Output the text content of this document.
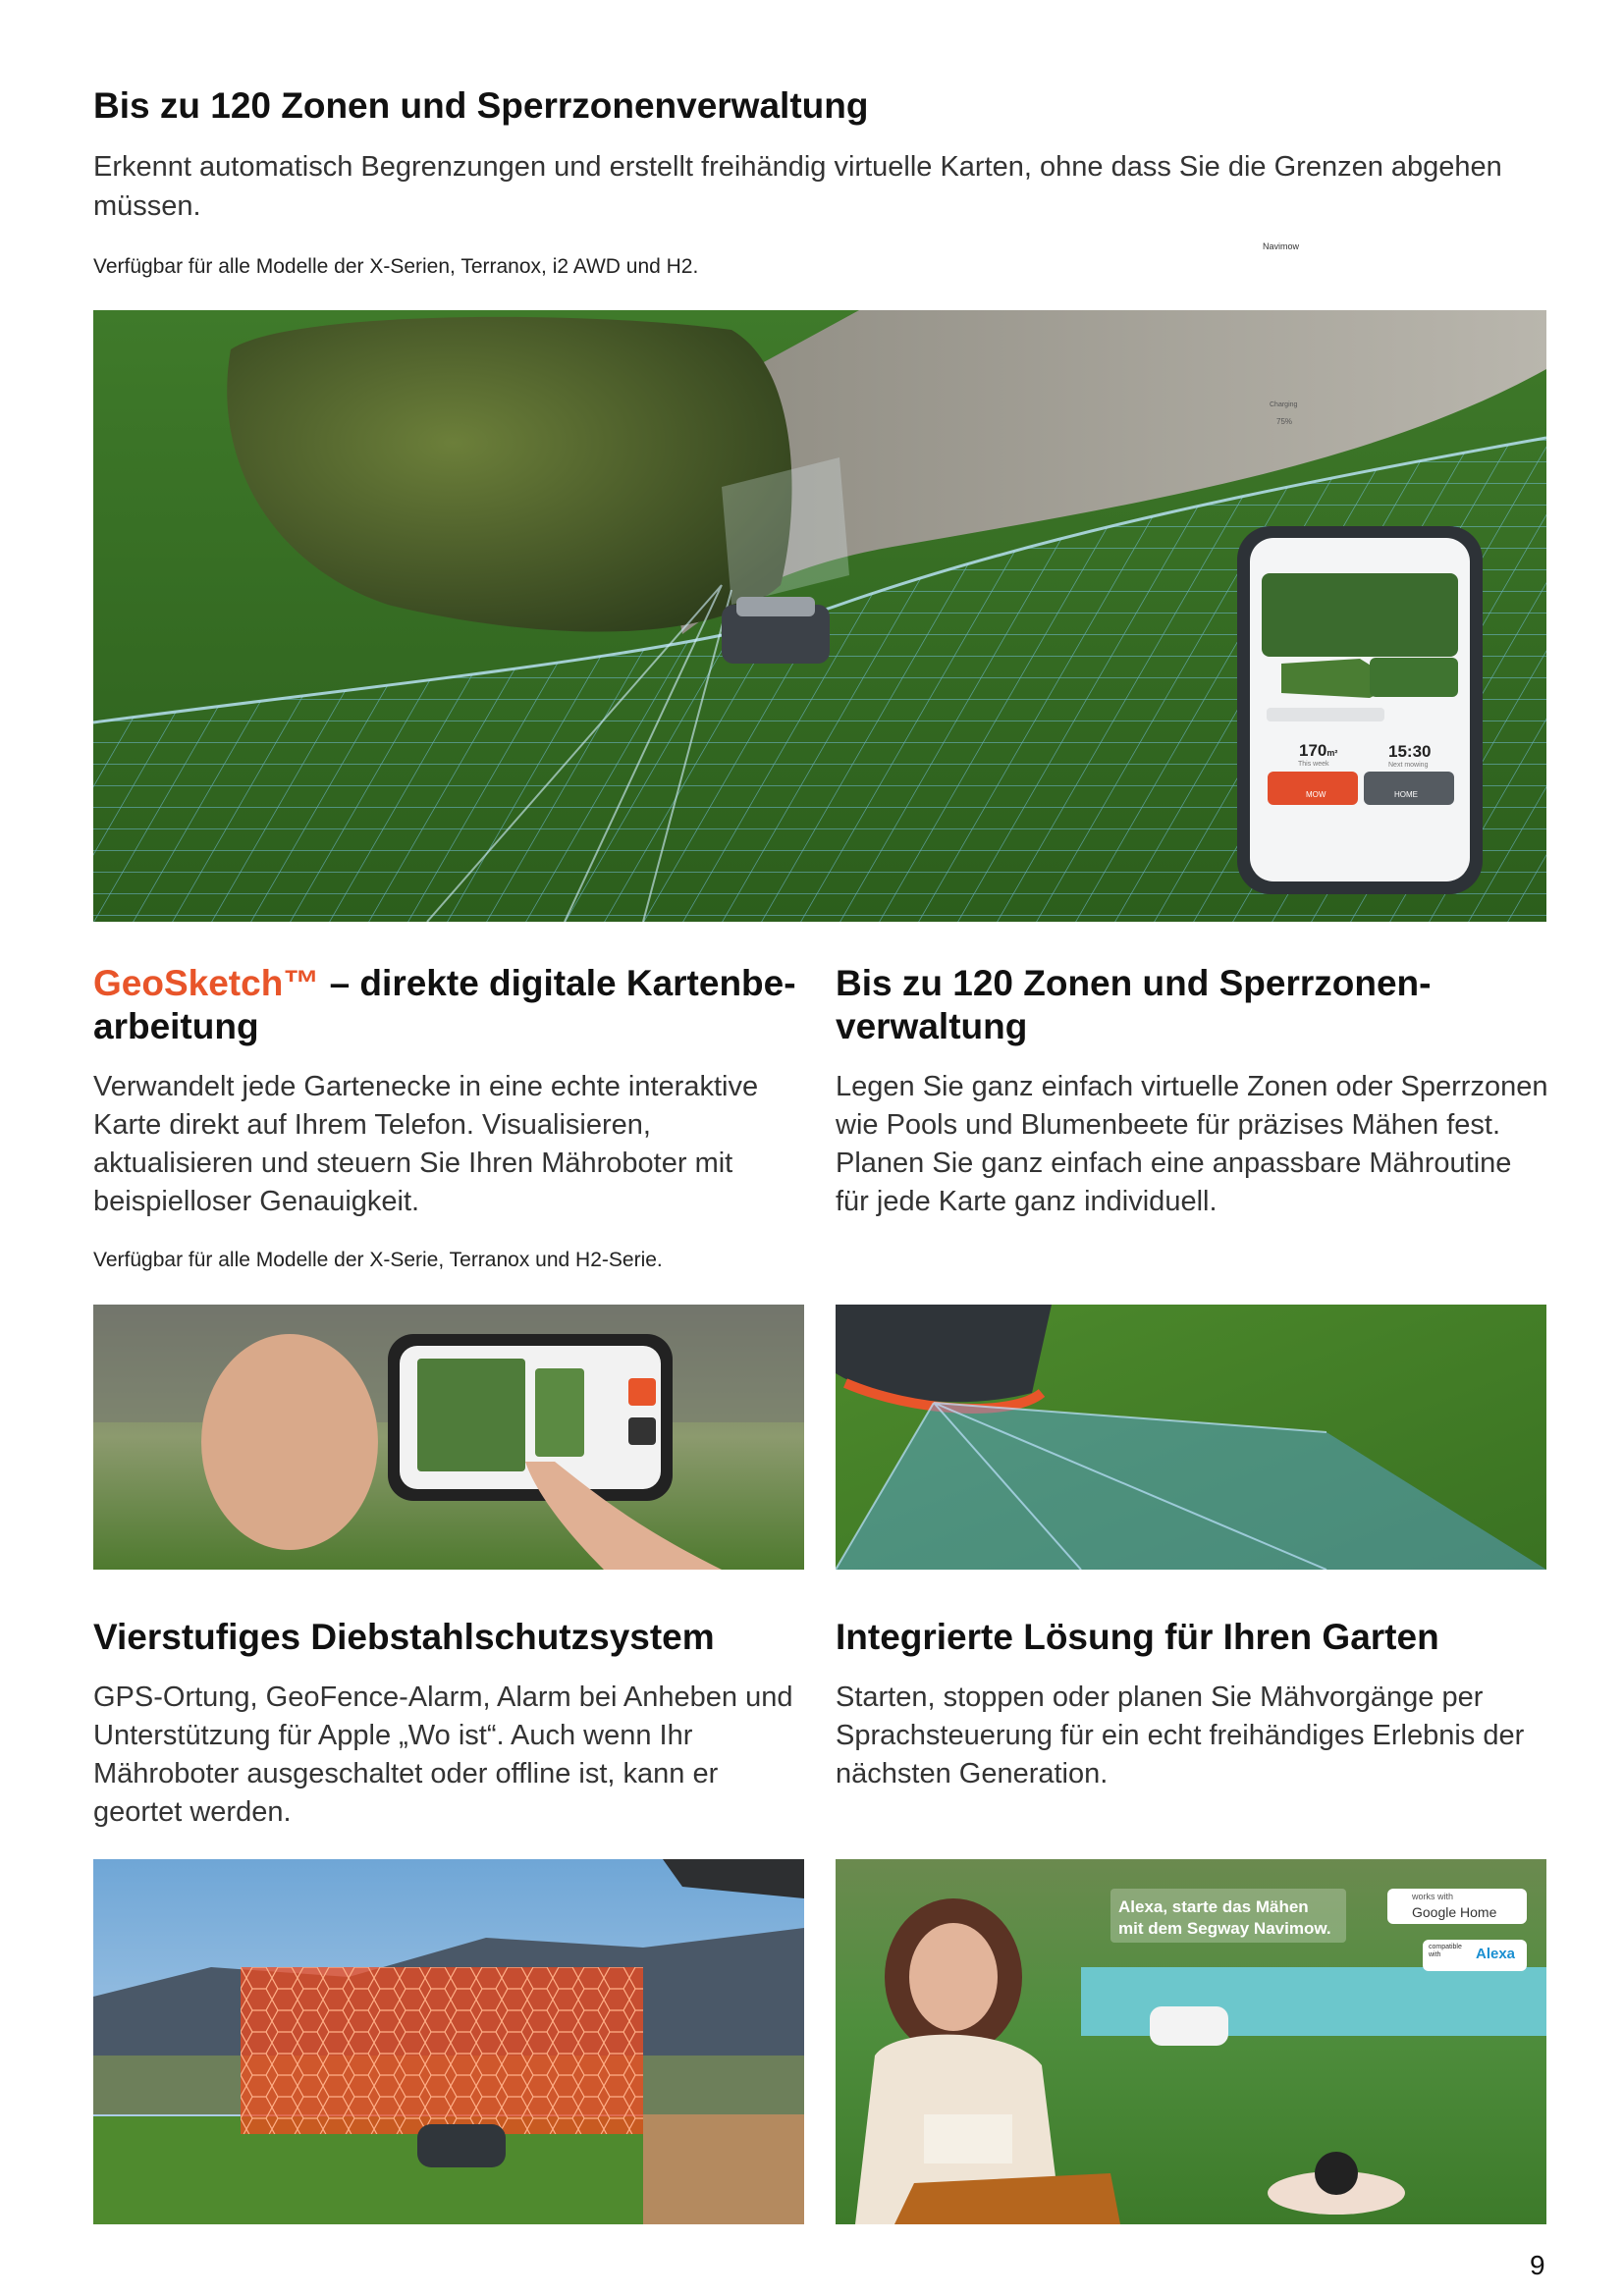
Bis zu 120 Zonen und Sperrzonenverwaltung

Erkennt automatisch Begrenzungen und erstellt freihändig virtuelle Karten, ohne dass Sie die Grenzen abgehen müssen.

Verfügbar für alle Modelle der X-Serien, Terranox, i2 AWD und H2.

Navimow
75%
Charging
170m²
This week
15:30
Next mowing
MOW	HOME
GeoSketch™ – direkte digitale Kartenbe-
arbeitung

Verwandelt jede Gartenecke in eine echte interaktive Karte direkt auf Ihrem Telefon. Visualisieren, aktualisieren und steuern Sie Ihren Mähroboter mit beispielloser Genauigkeit.

Verfügbar für alle Modelle der X-Serie, Terranox und H2-Serie.

Bis zu 120 Zonen und Sperrzonen-
verwaltung

Legen Sie ganz einfach virtuelle Zonen oder Sperrzonen wie Pools und Blumenbeete für präzises Mähen fest. Planen Sie ganz einfach eine anpassbare Mähroutine für jede Karte ganz individuell.

Vierstufiges Diebstahlschutzsystem

GPS-Ortung, GeoFence-Alarm, Alarm bei Anheben und Unterstützung für Apple „Wo ist“. Auch wenn Ihr Mähroboter ausgeschaltet oder offline ist, kann er geortet werden.

Integrierte Lösung für Ihren Garten

Starten, stoppen oder planen Sie Mähvorgänge per Sprachsteuerung für ein echt freihändiges Erlebnis der nächsten Generation.

Alexa, starte das Mähen
mit dem Segway Navimow.
works with
Google Home
compatible with	Alexa
9
